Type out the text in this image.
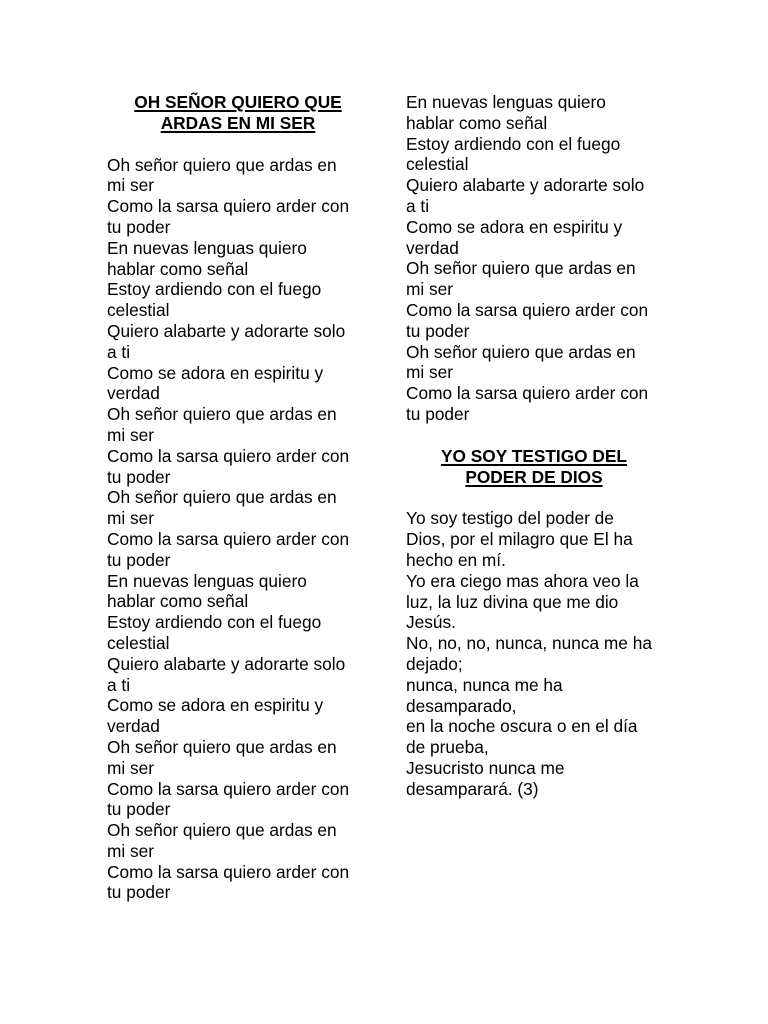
OH SEÑOR QUIERO QUE
ARDAS EN MI SER
Oh señor quiero que ardas en
mi ser
Como la sarsa quiero arder con
tu poder
En nuevas lenguas quiero
hablar como señal
Estoy ardiendo con el fuego
celestial
Quiero alabarte y adorarte solo
a ti
Como se adora en espiritu y
verdad
Oh señor quiero que ardas en
mi ser
Como la sarsa quiero arder con
tu poder
Oh señor quiero que ardas en
mi ser
Como la sarsa quiero arder con
tu poder
En nuevas lenguas quiero
hablar como señal
Estoy ardiendo con el fuego
celestial
Quiero alabarte y adorarte solo
a ti
Como se adora en espiritu y
verdad
Oh señor quiero que ardas en
mi ser
Como la sarsa quiero arder con
tu poder
Oh señor quiero que ardas en
mi ser
Como la sarsa quiero arder con
tu poder
En nuevas lenguas quiero
hablar como señal
Estoy ardiendo con el fuego
celestial
Quiero alabarte y adorarte solo
a ti
Como se adora en espiritu y
verdad
Oh señor quiero que ardas en
mi ser
Como la sarsa quiero arder con
tu poder
Oh señor quiero que ardas en
mi ser
Como la sarsa quiero arder con
tu poder
YO SOY TESTIGO DEL
PODER DE DIOS
Yo soy testigo del poder de
Dios, por el milagro que El ha
hecho en mí.
Yo era ciego mas ahora veo la
luz, la luz divina que me dio
Jesús.
No, no, no, nunca, nunca me ha
dejado;
nunca, nunca me ha
desamparado,
en la noche oscura o en el día
de prueba,
Jesucristo nunca me
desamparará. (3)
